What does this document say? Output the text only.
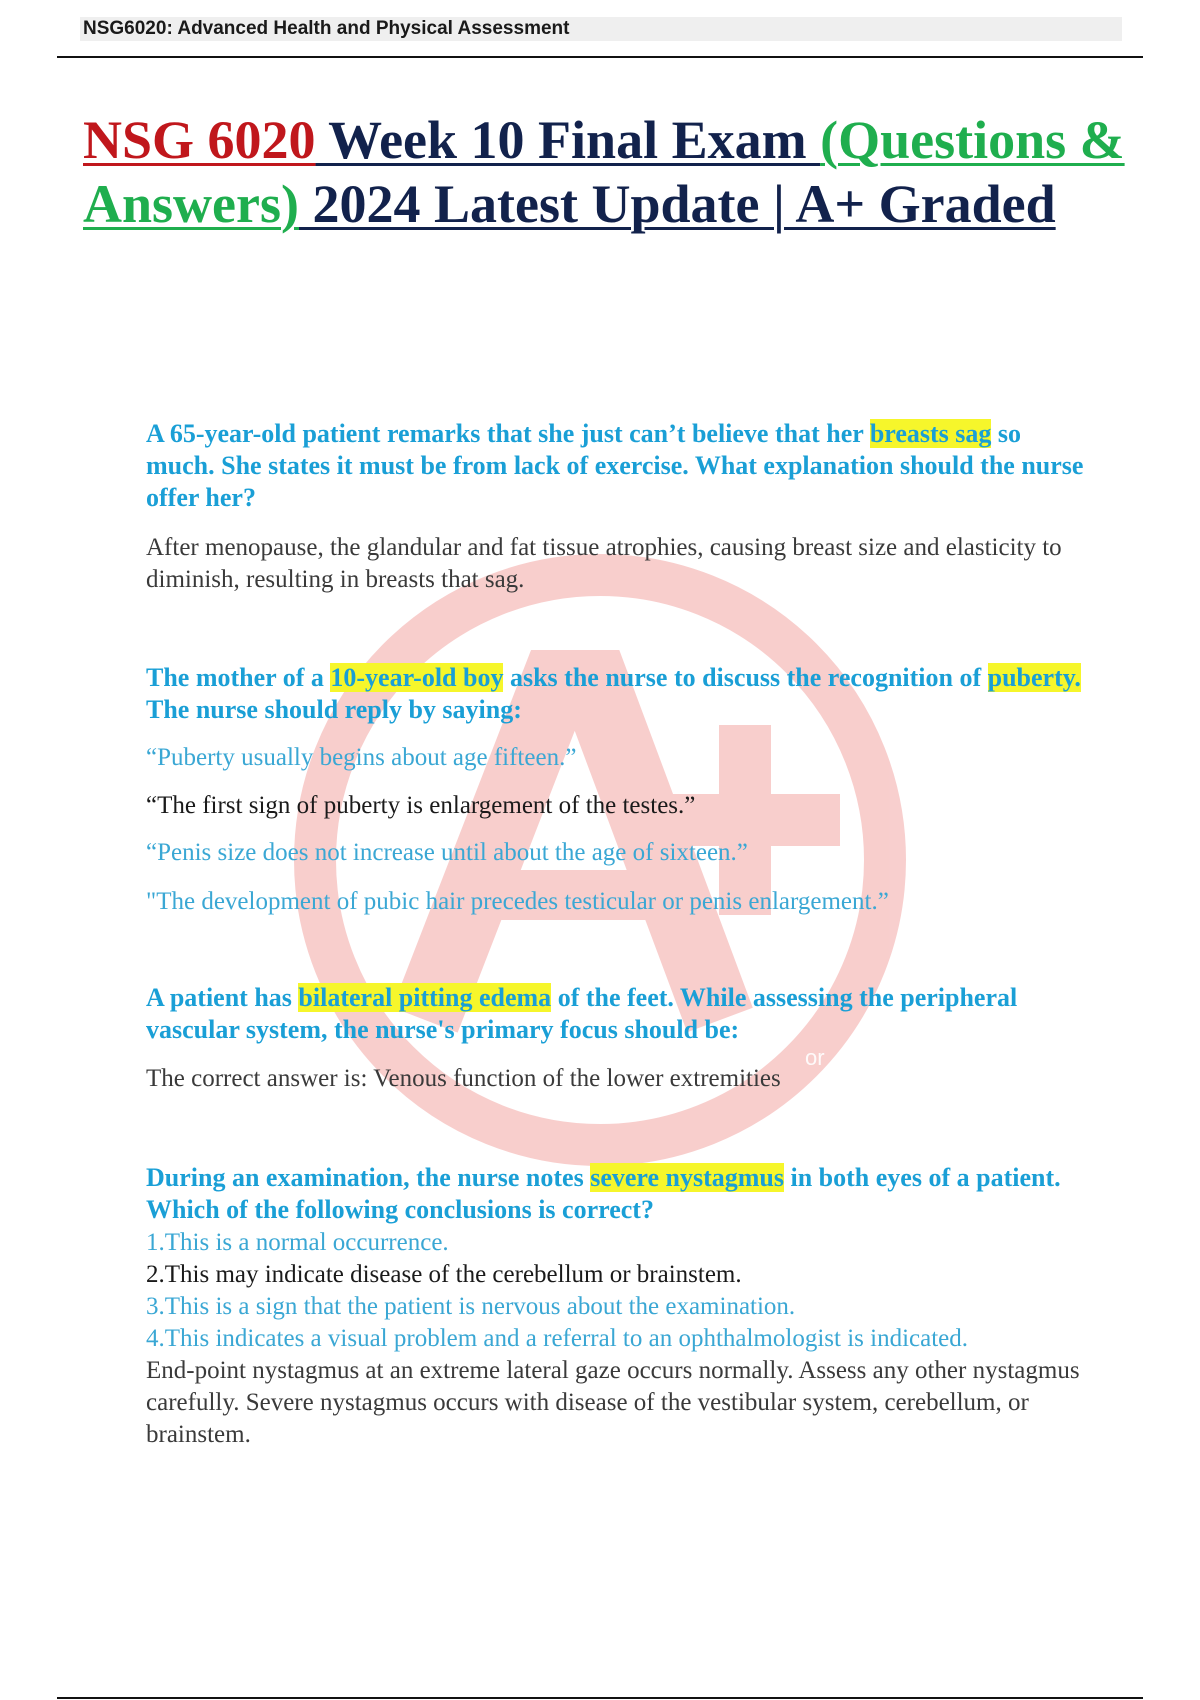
NSG6020: Advanced Health and Physical Assessment
NSG 6020 Week 10 Final Exam (Questions & Answers) 2024 Latest Update | A+ Graded
or

A 65-year-old patient remarks that she just can’t believe that her breasts sag so much. She states it must be from lack of exercise. What explanation should the nurse offer her?

After menopause, the glandular and fat tissue atrophies, causing breast size and elasticity to diminish, resulting in breasts that sag.

The mother of a 10-year-old boy asks the nurse to discuss the recognition of puberty. The nurse should reply by saying:

“Puberty usually begins about age fifteen.”

“The first sign of puberty is enlargement of the testes.”

“Penis size does not increase until about the age of sixteen.”

"The development of pubic hair precedes testicular or penis enlargement.”

A patient has bilateral pitting edema of the feet. While assessing the peripheral vascular system, the nurse's primary focus should be:

The correct answer is: Venous function of the lower extremities

During an examination, the nurse notes severe nystagmus in both eyes of a patient. Which of the following conclusions is correct?

1.This is a normal occurrence.

2.This may indicate disease of the cerebellum or brainstem.

3.This is a sign that the patient is nervous about the examination.

4.This indicates a visual problem and a referral to an ophthalmologist is indicated.

End-point nystagmus at an extreme lateral gaze occurs normally. Assess any other nystagmus carefully. Severe nystagmus occurs with disease of the vestibular system, cerebellum, or brainstem.
